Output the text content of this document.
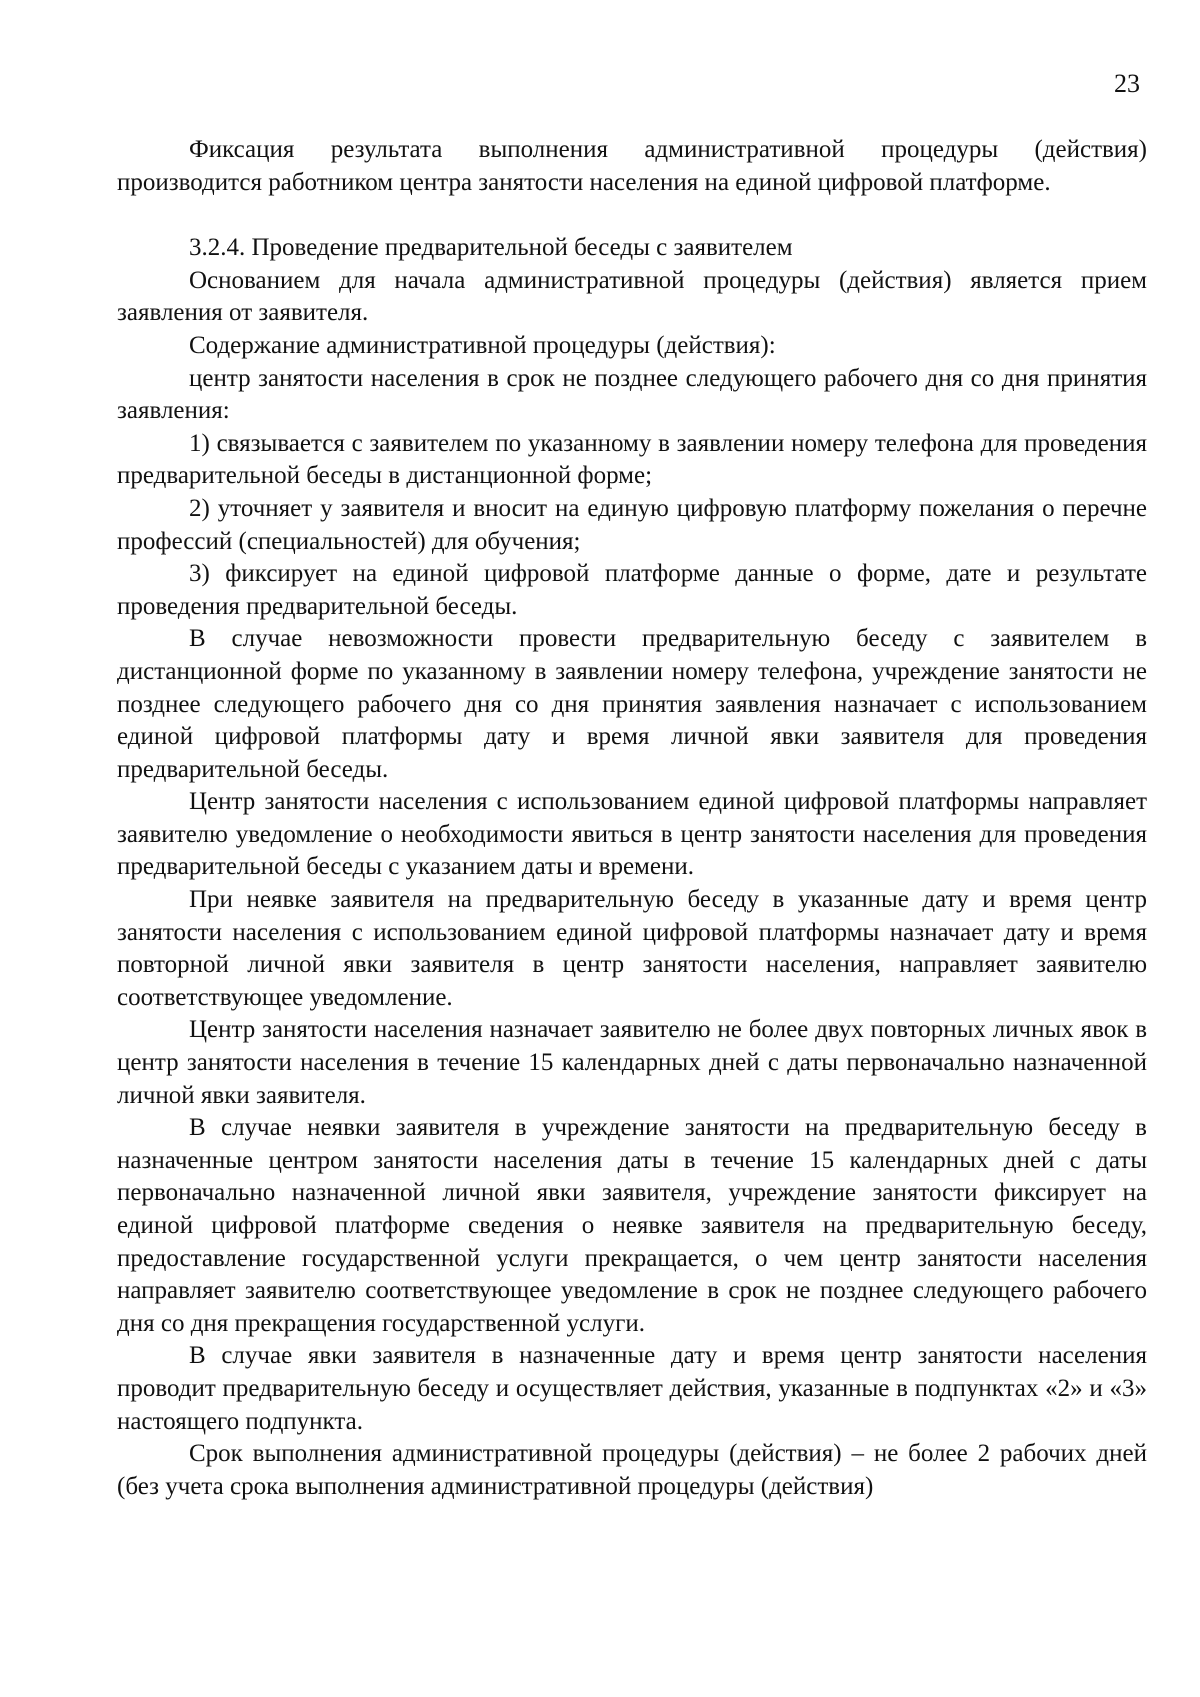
23

Фиксация результата выполнения административной процедуры (действия) производится работником центра занятости населения на единой цифровой платформе.

3.2.4. Проведение предварительной беседы с заявителем

Основанием для начала административной процедуры (действия) является прием заявления от заявителя.

Содержание административной процедуры (действия):

центр занятости населения в срок не позднее следующего рабочего дня со дня принятия заявления:

1) связывается с заявителем по указанному в заявлении номеру телефона для проведения предварительной беседы в дистанционной форме;

2) уточняет у заявителя и вносит на единую цифровую платформу пожелания о перечне профессий (специальностей) для обучения;

3) фиксирует на единой цифровой платформе данные о форме, дате и результате проведения предварительной беседы.

В случае невозможности провести предварительную беседу с заявителем в дистанционной форме по указанному в заявлении номеру телефона, учреждение занятости не позднее следующего рабочего дня со дня принятия заявления назначает с использованием единой цифровой платформы дату и время личной явки заявителя для проведения предварительной беседы.

Центр занятости населения с использованием единой цифровой платформы направляет заявителю уведомление о необходимости явиться в центр занятости населения для проведения предварительной беседы с указанием даты и времени.

При неявке заявителя на предварительную беседу в указанные дату и время центр занятости населения с использованием единой цифровой платформы назначает дату и время повторной личной явки заявителя в центр занятости населения, направляет заявителю соответствующее уведомление.

Центр занятости населения назначает заявителю не более двух повторных личных явок в центр занятости населения в течение 15 календарных дней с даты первоначально назначенной личной явки заявителя.

В случае неявки заявителя в учреждение занятости на предварительную беседу в назначенные центром занятости населения даты в течение 15 календарных дней с даты первоначально назначенной личной явки заявителя, учреждение занятости фиксирует на единой цифровой платформе сведения о неявке заявителя на предварительную беседу, предоставление государственной услуги прекращается, о чем центр занятости населения направляет заявителю соответствующее уведомление в срок не позднее следующего рабочего дня со дня прекращения государственной услуги.

В случае явки заявителя в назначенные дату и время центр занятости населения проводит предварительную беседу и осуществляет действия, указанные в подпунктах «2» и «3» настоящего подпункта.

Срок выполнения административной процедуры (действия) – не более 2 рабочих дней (без учета срока выполнения административной процедуры (действия)
